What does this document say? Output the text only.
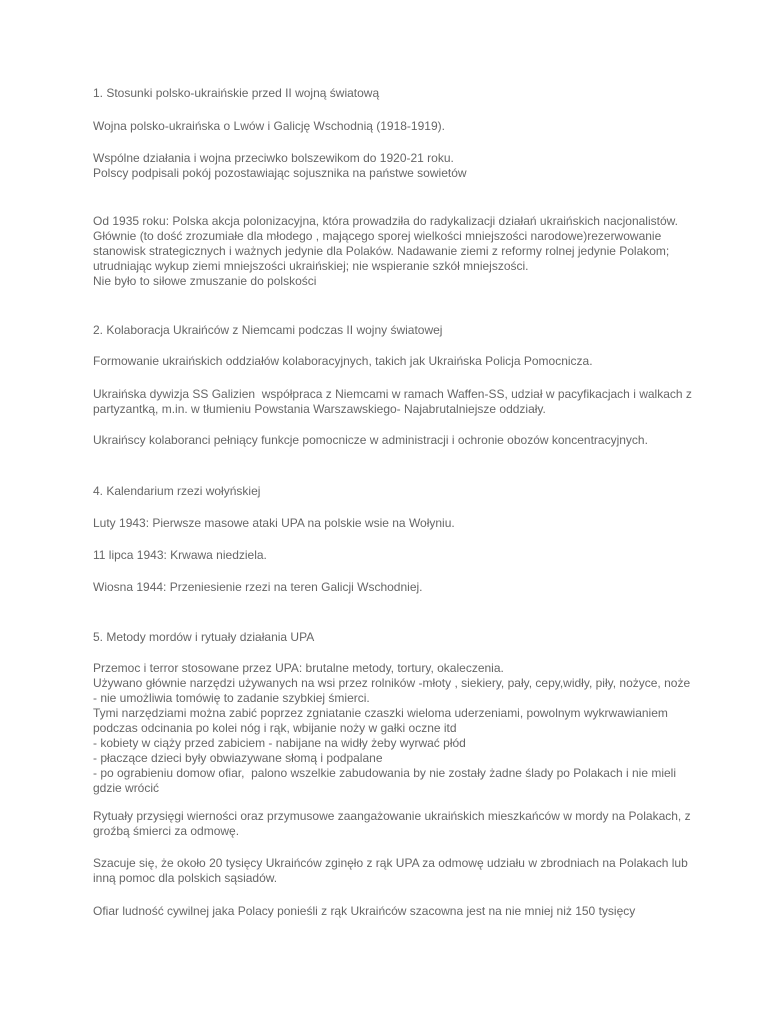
1. Stosunki polsko-ukraińskie przed II wojną światową
Wojna polsko-ukraińska o Lwów i Galicję Wschodnią (1918-1919).
Wspólne działania i wojna przeciwko bolszewikom do 1920-21 roku.
Polscy podpisali pokój pozostawiając sojusznika na państwe sowietów
Od 1935 roku: Polska akcja polonizacyjna, która prowadziła do radykalizacji działań ukraińskich nacjonalistów.
Głównie (to dość zrozumiałe dla młodego , mającego sporej wielkości mniejszości narodowe)rezerwowanie
stanowisk strategicznych i ważnych jedynie dla Polaków. Nadawanie ziemi z reformy rolnej jedynie Polakom;
utrudniając wykup ziemi mniejszości ukraińskiej; nie wspieranie szkół mniejszości.
Nie było to siłowe zmuszanie do polskości
2. Kolaboracja Ukraińców z Niemcami podczas II wojny światowej
Formowanie ukraińskich oddziałów kolaboracyjnych, takich jak Ukraińska Policja Pomocnicza.
Ukraińska dywizja SS Galizien  współpraca z Niemcami w ramach Waffen-SS, udział w pacyfikacjach i walkach z
partyzantką, m.in. w tłumieniu Powstania Warszawskiego- Najabrutalniejsze oddziały.
Ukraińscy kolaboranci pełniący funkcje pomocnicze w administracji i ochronie obozów koncentracyjnych.
4. Kalendarium rzezi wołyńskiej
Luty 1943: Pierwsze masowe ataki UPA na polskie wsie na Wołyniu.
11 lipca 1943: Krwawa niedziela.
Wiosna 1944: Przeniesienie rzezi na teren Galicji Wschodniej.
5. Metody mordów i rytuały działania UPA
Przemoc i terror stosowane przez UPA: brutalne metody, tortury, okaleczenia.
Używano głównie narzędzi używanych na wsi przez rolników -młoty , siekiery, pały, cepy,widły, piły, nożyce, noże
- nie umożliwia tomówię to zadanie szybkiej śmierci.
Tymi narzędziami można zabić poprzez zgniatanie czaszki wieloma uderzeniami, powolnym wykrwawianiem
podczas odcinania po kolei nóg i rąk, wbijanie noży w gałki oczne itd
- kobiety w ciąży przed zabiciem - nabijane na widły żeby wyrwać płód
- płaczące dzieci były obwiazywane słomą i podpalane
- po ograbieniu domow ofiar,  palono wszelkie zabudowania by nie zostały żadne ślady po Polakach i nie mieli
gdzie wrócić
Rytuały przysięgi wierności oraz przymusowe zaangażowanie ukraińskich mieszkańców w mordy na Polakach, z
groźbą śmierci za odmowę.
Szacuje się, że około 20 tysięcy Ukraińców zginęło z rąk UPA za odmowę udziału w zbrodniach na Polakach lub
inną pomoc dla polskich sąsiadów.
Ofiar ludność cywilnej jaka Polacy ponieśli z rąk Ukraińców szacowna jest na nie mniej niż 150 tysięcy
